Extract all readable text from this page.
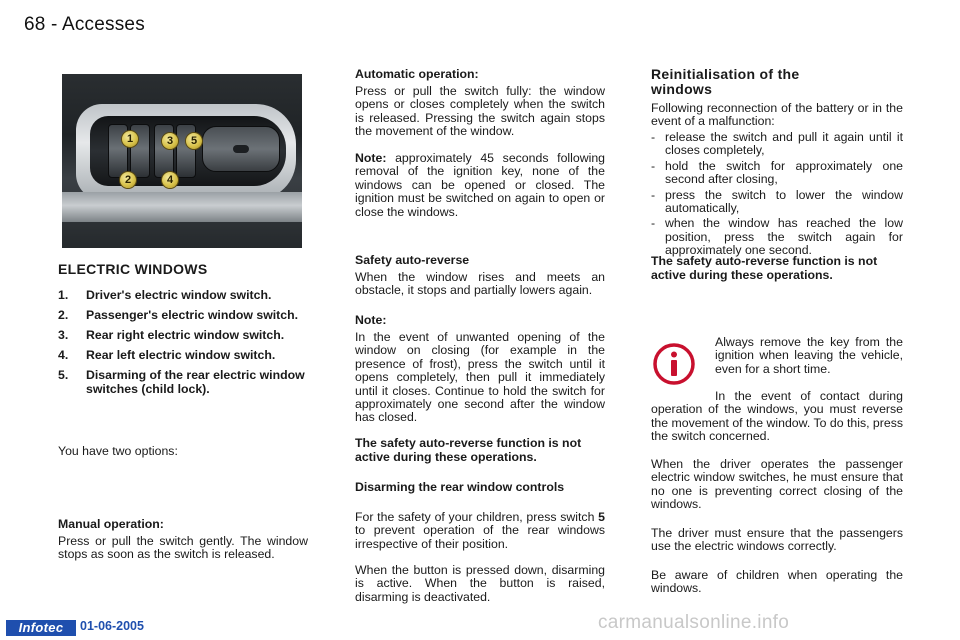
68 - Accesses
1
2
3
4
5
ELECTRIC WINDOWS
1. Driver's electric window switch.
2. Passenger's electric window switch.
3. Rear right electric window switch.
4. Rear left electric window switch.
5. Disarming of the rear electric window switches (child lock).

You have two options:

Manual operation:

Press or pull the switch gently. The window stops as soon as the switch is released.

Automatic operation:

Press or pull the switch fully: the window opens or closes completely when the switch is released. Pressing the switch again stops the movement of the window.

Note: approximately 45 seconds following removal of the ignition key, none of the windows can be opened or closed. The ignition must be switched on again to open or close the windows.

Safety auto-reverse

When the window rises and meets an obstacle, it stops and partially lowers again.

Note:

In the event of unwanted opening of the window on closing (for example in the presence of frost), press the switch until it opens completely, then pull it immediately until it closes. Continue to hold the switch for approximately one second after the window has closed.

The safety auto-reverse function is not active during these operations.

Disarming the rear window controls

For the safety of your children, press switch 5 to prevent operation of the rear windows irrespective of their position.

When the button is pressed down, disarming is active. When the button is raised, disarming is deactivated.

Reinitialisation of the windows

Following reconnection of the battery or in the event of a malfunction:

- release the switch and pull it again until it closes completely,

- hold the switch for approximately one second after closing,

- press the switch to lower the window automatically,

- when the window has reached the low position, press the switch again for approximately one second.

The safety auto-reverse function is not active during these operations.

Always remove the key from the ignition when leaving the vehicle, even for a short time.

In the event of contact during operation of the windows, you must reverse the movement of the window. To do this, press the switch concerned.

When the driver operates the passenger electric window switches, he must ensure that no one is preventing correct closing of the windows.

The driver must ensure that the passengers use the electric windows correctly.

Be aware of children when operating the windows.

Infotec	01-06-2005	carmanualsonline.info
